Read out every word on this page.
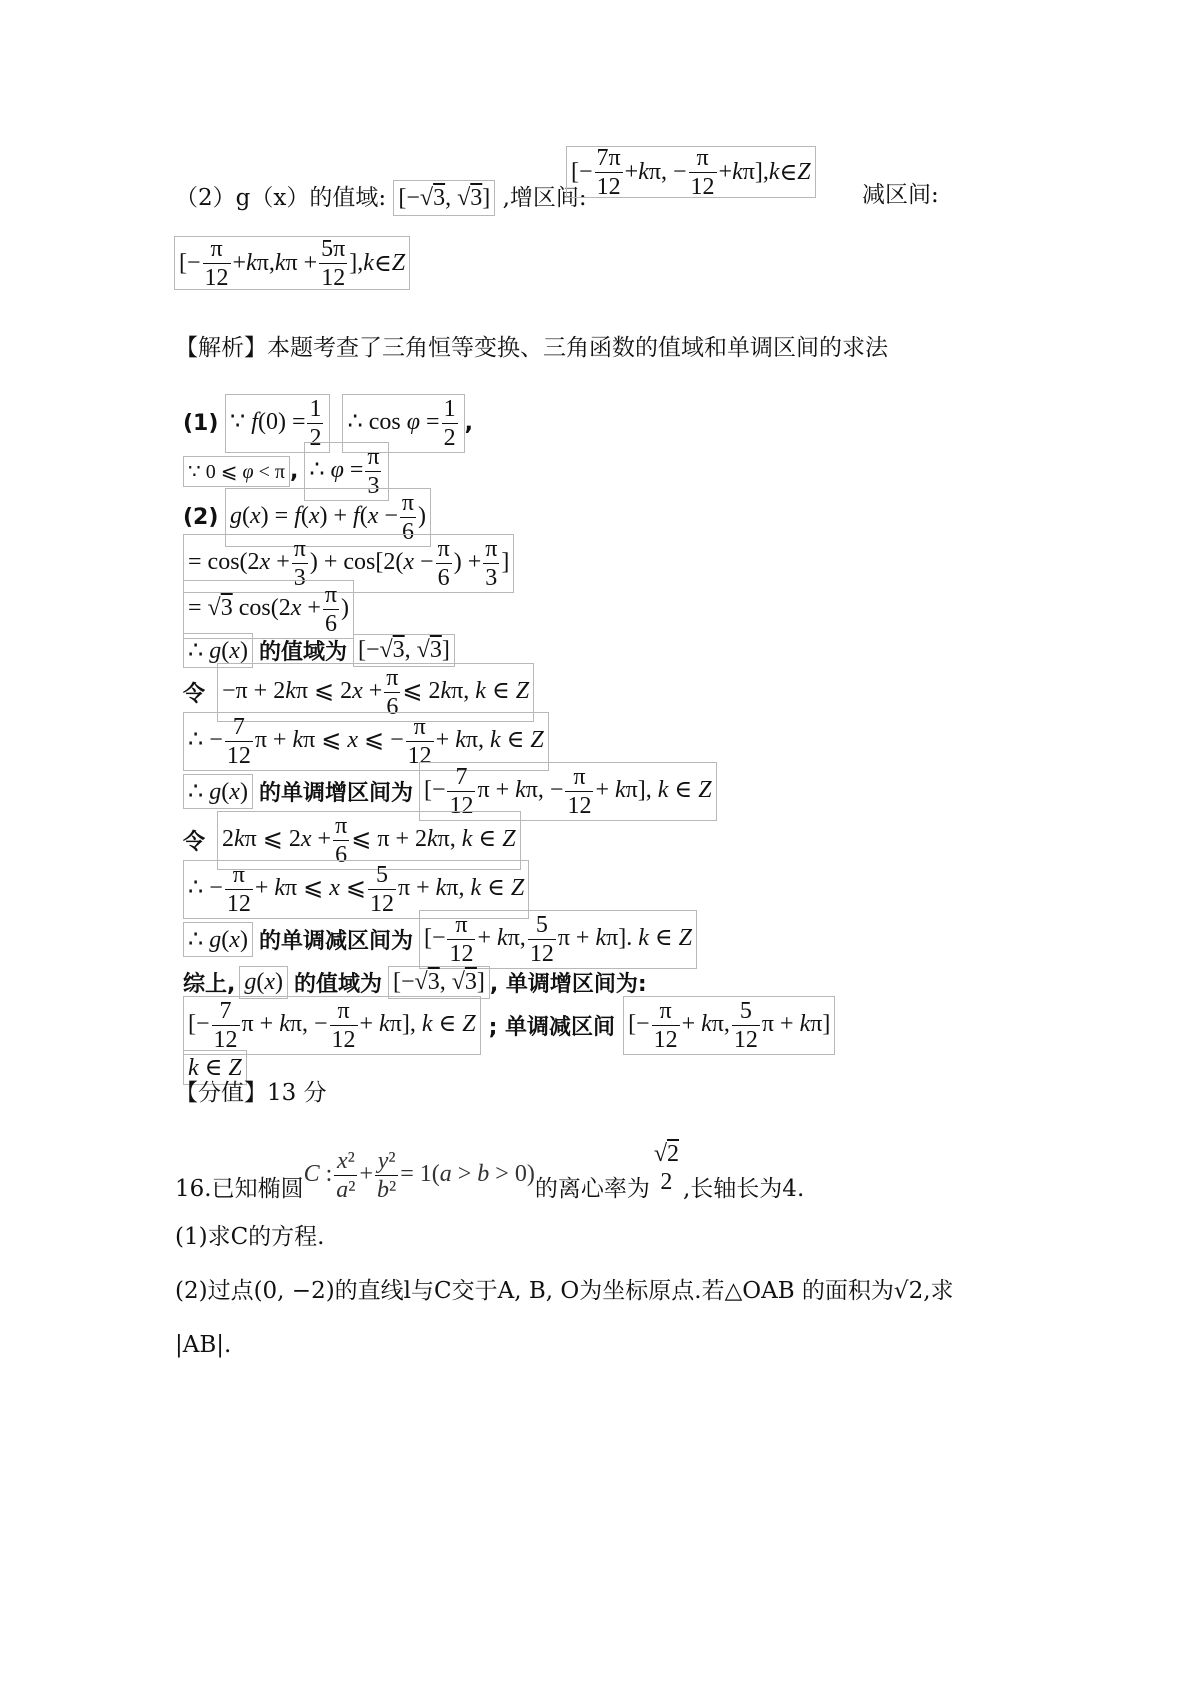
（2）g（x）的值域: [−√3, √3] ,增区间:
[− $\frac{7\pi}{12} + k$ π, − $\frac{\pi}{12} + k$ π], k ∈ Z
减区间:
[− $\frac{\pi}{12} + k$ π, k $\pi + \frac{5\pi}{12}$ ], k ∈ Z
【解析】本题考查了三角恒等变换、三角函数的值域和单调区间的求法
(1) ∵ $f(0) = \frac{1}{2}$ ∴ $\cos \varphi = \frac{1}{2}$ ,
∵ 0 ⩽ φ < π , ∴ $\varphi = \frac{\pi}{3}$
(2) $g(x) = f(x) + f(x - \frac{\pi}{6}$ )
= $\cos(2x + \frac{\pi}{3}$ ) + $\cos[2(x - \frac{\pi}{6}$ ) + $\frac{\pi}{3}$ ]
= √3 $\cos(2x + \frac{\pi}{6}$ )
∴ g(x) 的值域为 [−√3, √3]
令 −π + 2kπ ⩽ $2x + \frac{\pi}{6}$ ⩽ 2kπ, k ∈ Z
∴ − $\frac{7}{12}$ π + kπ ⩽ x ⩽ − $\frac{\pi}{12} + k\pi$, k ∈ Z
∴ g(x) 的单调增区间为 [− $\frac{7}{12}$ π + kπ, − $\frac{\pi}{12} + k\pi$], k ∈ Z
令 2kπ ⩽ $2x + \frac{\pi}{6}$ ⩽ π + 2kπ, k ∈ Z
∴ − $\frac{\pi}{12} + k\pi$ ⩽ x ⩽ $\frac{5}{12}$ π + kπ, k ∈ Z
∴ g(x) 的单调减区间为 [− $\frac{\pi}{12} + k\pi$, $\frac{5}{12}$ π + kπ]. k ∈ Z
综上, g(x) 的值域为 [−√3, √3] , 单调增区间为:
[− $\frac{7}{12}$ π + kπ, − $\frac{\pi}{12} + k\pi$], k ∈ Z ; 单调减区间 [− $\frac{\pi}{12} + k\pi$, $\frac{5}{12}$ π + kπ]
k ∈ Z
【分值】13 分
16.已知椭圆
C : $\frac{\text{x²}}{\text{a²}} + \frac{\text{y²}}{\text{b²}} = 1(a > b > 0)$
的离心率为
√2
2 ,长轴长为4.
(1)求C的方程.
(2)过点(0, −2)的直线l与C交于A, B, O为坐标原点.若△OAB 的面积为√2,求
|AB|.
